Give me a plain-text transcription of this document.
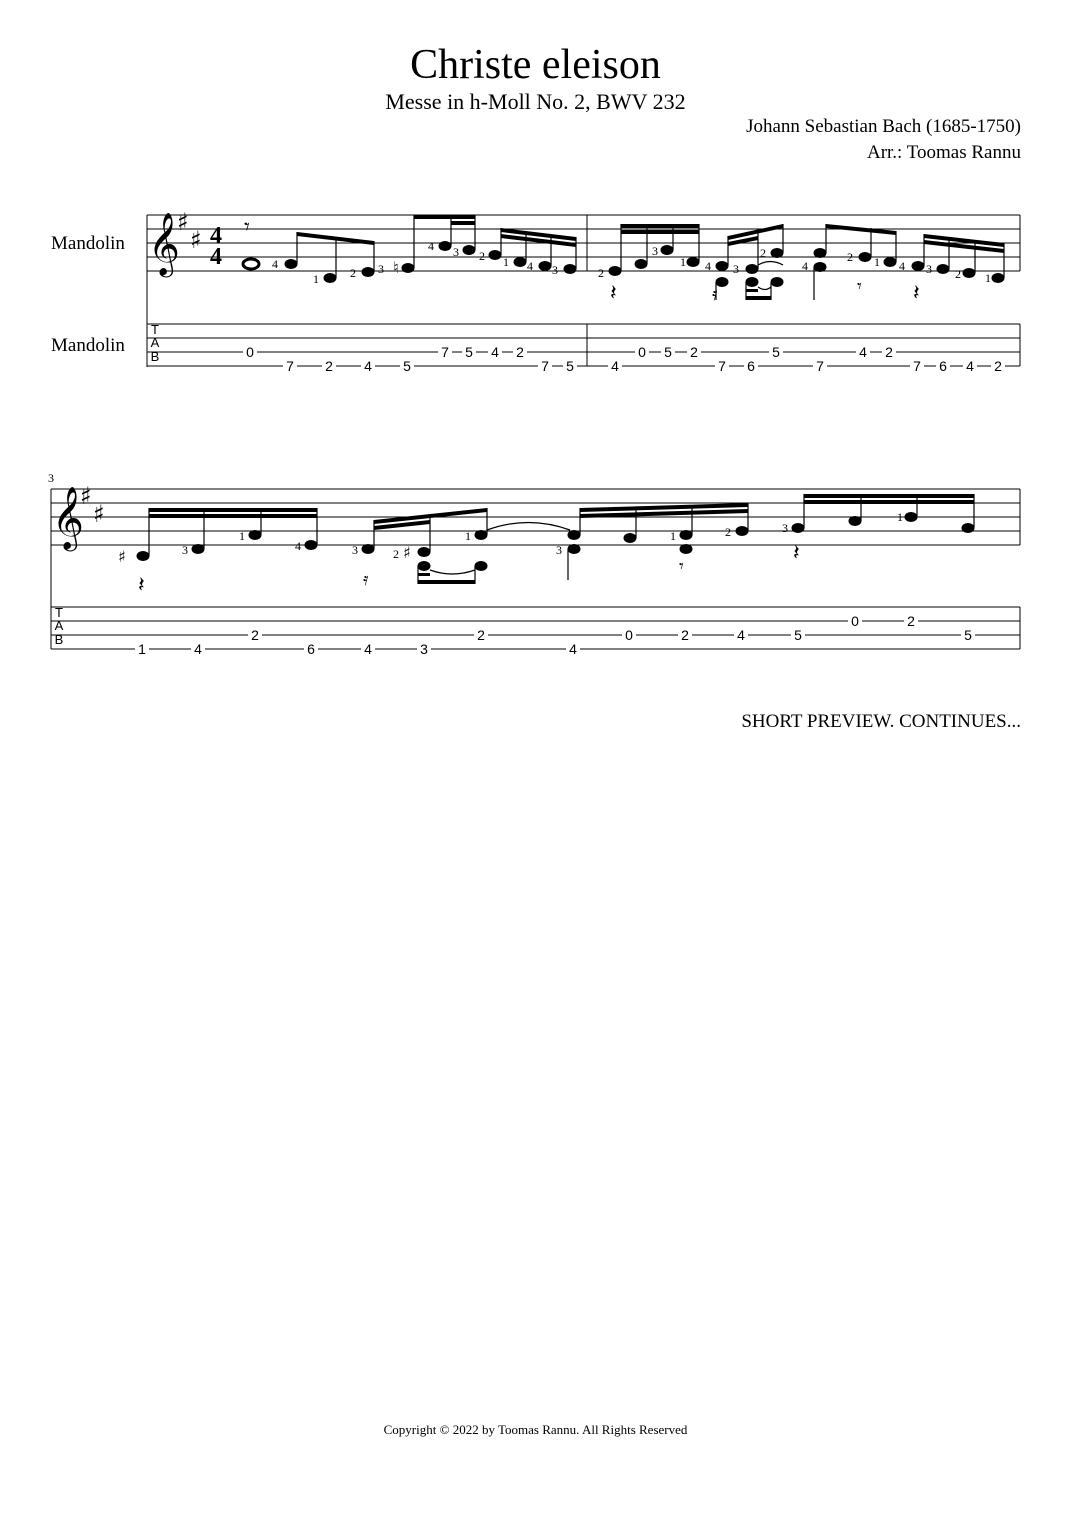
Christe eleison
Messe in h-Moll No. 2, BWV 232
Johann Sebastian Bach (1685-1750)
Arr.: Toomas Rannu
Mandolin
Mandolin
𝄞
♯
♯ 4
4
𝄾
♮
𝄽	𝄿	𝄾 𝄽
4
1	2 3
4 3 2 1 4 3	2
3
1 4 3
2
4
2 1 4 3 2 1
T
A
B	0
7 2 4 5
7 5 4 2
7 5	4
0 5 2
7 6
5
7
4 2
7 6 4 2
3
𝄞
♯
♯
♯	♯
𝄽	𝄿
𝄾
𝄽
3
1
4	3	2
1
3
1	2	3
1
T
A
B
1	4
2
6	4	3
2
4
0	2	4	5
0	2
5
SHORT PREVIEW. CONTINUES...
Copyright © 2022 by Toomas Rannu. All Rights Reserved
